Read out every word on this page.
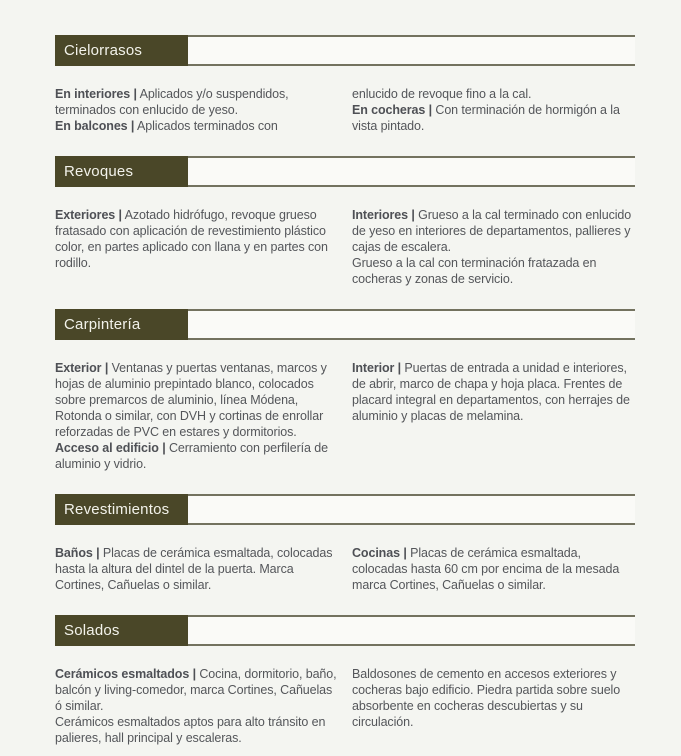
Cielorrasos

En interiores | Aplicados y/o suspendidos, terminados con enlucido de yeso.

En balcones | Aplicados terminados con

enlucido de revoque fino a la cal.

En cocheras | Con terminación de hormigón a la vista pintado.

Revoques

Exteriores | Azotado hidrófugo, revoque grueso fratasado con aplicación de revestimiento plástico color, en partes aplicado con llana y en partes con rodillo.

Interiores | Grueso a la cal terminado con enlucido de yeso en interiores de departamentos, pallieres y cajas de escalera.

Grueso a la cal con terminación fratazada en cocheras y zonas de servicio.

Carpintería

Exterior | Ventanas y puertas ventanas, marcos y hojas de aluminio prepintado blanco, colocados sobre premarcos de aluminio, línea Módena, Rotonda o similar, con DVH y cortinas de enrollar reforzadas de PVC en estares y dormitorios.

Acceso al edificio | Cerramiento con perfilería de aluminio y vidrio.

Interior | Puertas de entrada a unidad e interiores, de abrir, marco de chapa y hoja placa. Frentes de placard integral en departamentos, con herrajes de aluminio y placas de melamina.

Revestimientos

Baños | Placas de cerámica esmaltada, colocadas hasta la altura del dintel de la puerta. Marca Cortines, Cañuelas o similar.

Cocinas | Placas de cerámica esmaltada, colocadas hasta 60 cm por encima de la mesada marca Cortines, Cañuelas o similar.

Solados

Cerámicos esmaltados | Cocina, dormitorio, baño, balcón y living-comedor, marca Cortines, Cañuelas ó similar.

Cerámicos esmaltados aptos para alto tránsito en palieres, hall principal y escaleras.

Baldosones de cemento en accesos exteriores y cocheras bajo edificio. Piedra partida sobre suelo absorbente en cocheras descubiertas y su circulación.
